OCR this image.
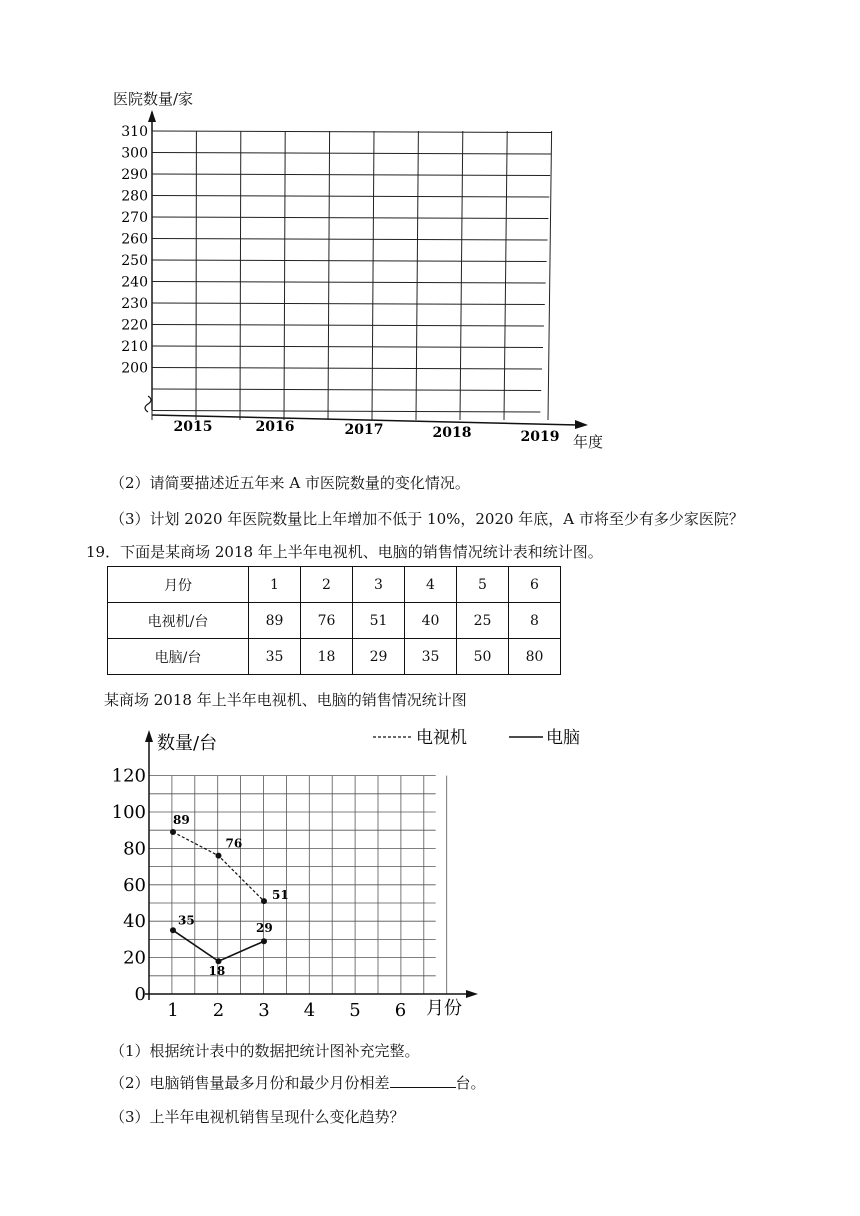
医院数量/家
310
300
290
280
270
260
250
240
230
220
210
200
2015	2016	2017	2018	2019 年度
（2）请简要描述近五年来 A 市医院数量的变化情况。
（3）计划 2020 年医院数量比上年增加不低于 10%，2020 年底，A 市将至少有多少家医院？
19．下面是某商场 2018 年上半年电视机、电脑的销售情况统计表和统计图。
月份	1	2	3	4	5	6
电视机/台	89	76	51	40	25	8
电脑/台	35	18	29	35	50	80
某商场 2018 年上半年电视机、电脑的销售情况统计图
数量/台
月份
0
20
40
60
80
100
120
1 2 3 4 5 6
电视机	电脑
89
76
51
35
18
29
（1）根据统计表中的数据把统计图补充完整。
（2）电脑销售量最多月份和最少月份相差	台。
（3）上半年电视机销售呈现什么变化趋势？
